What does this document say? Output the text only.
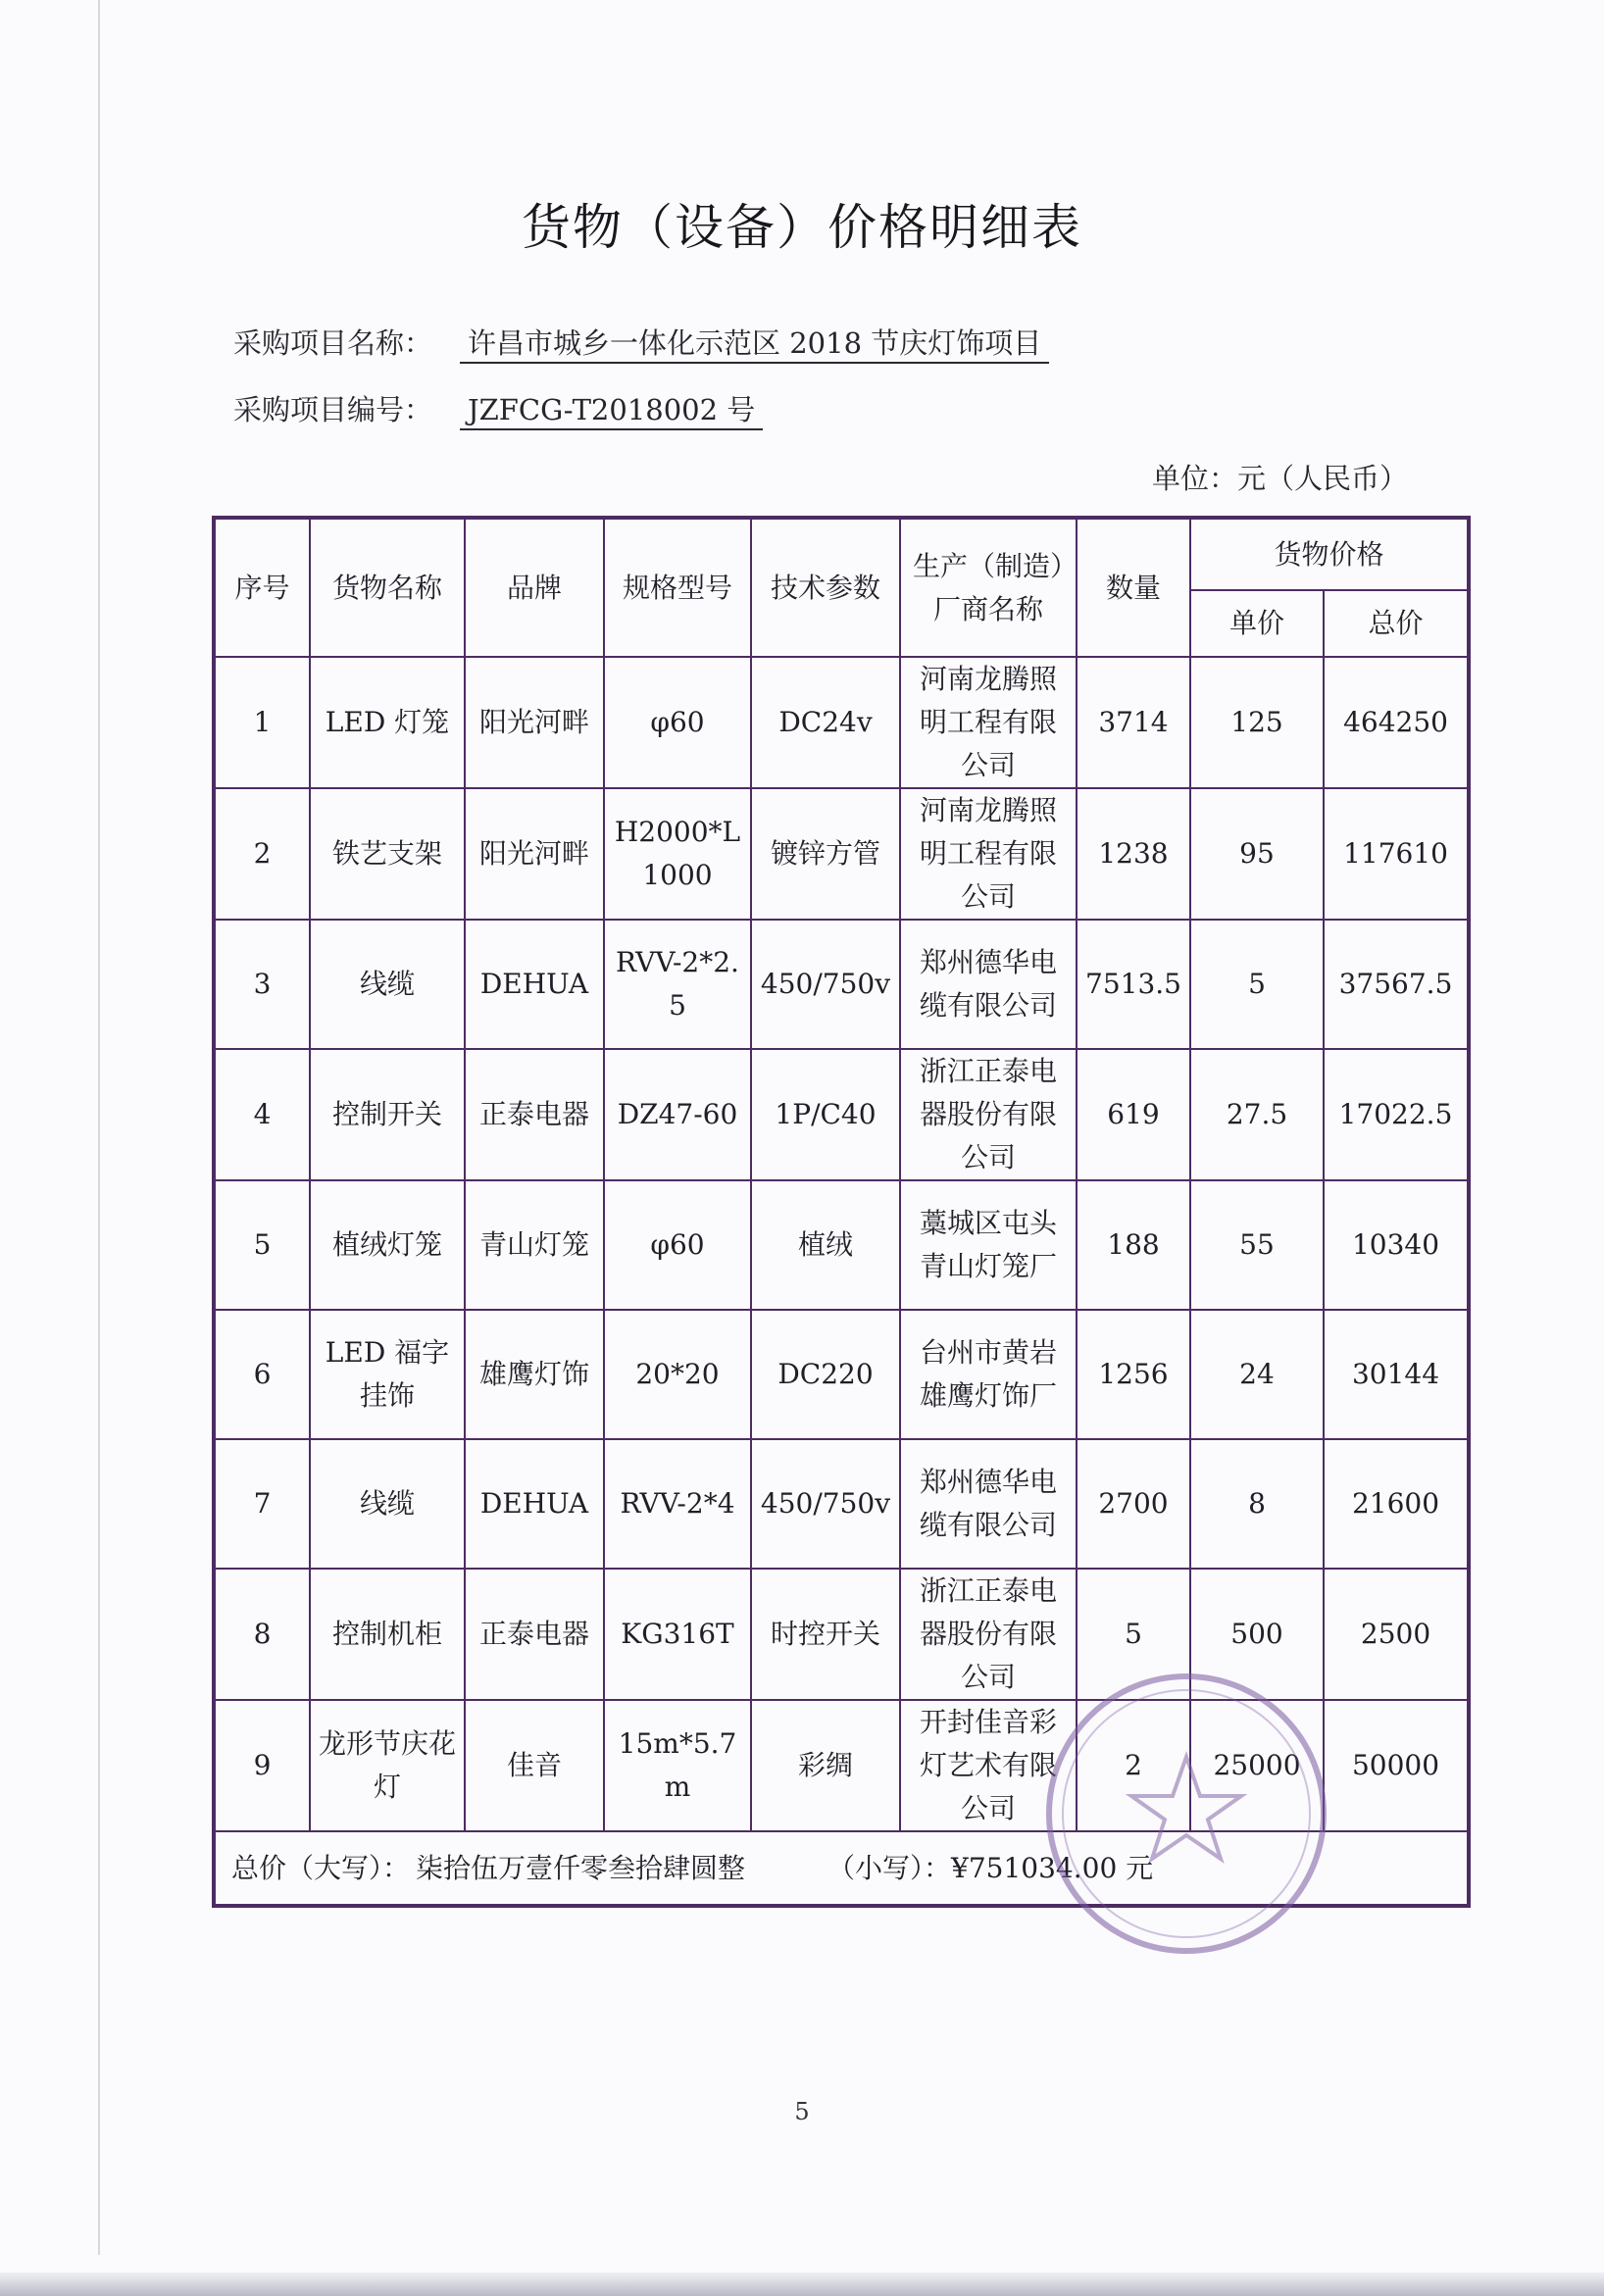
货物（设备）价格明细表
采购项目名称： 许昌市城乡一体化示范区 2018 节庆灯饰项目
采购项目编号： JZFCG-T2018002 号
单位：元（人民币）
序号	货物名称	品牌	规格型号	技术参数	生产（制造）厂商名称	数量	货物价格	
							单价	总价
1	LED 灯笼	阳光河畔	φ60	DC24v	河南龙腾照明工程有限公司	3714	125	464250
2	铁艺支架	阳光河畔	H2000*L1000	镀锌方管	河南龙腾照明工程有限公司	1238	95	117610
3	线缆	DEHUA	RVV-2*2.5	450/750v	郑州德华电缆有限公司	7513.5	5	37567.5
4	控制开关	正泰电器	DZ47-60	1P/C40	浙江正泰电器股份有限公司	619	27.5	17022.5
5	植绒灯笼	青山灯笼	φ60	植绒	藁城区屯头青山灯笼厂	188	55	10340
6	LED 福字挂饰	雄鹰灯饰	20*20	DC220	台州市黄岩雄鹰灯饰厂	1256	24	30144
7	线缆	DEHUA	RVV-2*4	450/750v	郑州德华电缆有限公司	2700	8	21600
8	控制机柜	正泰电器	KG316T	时控开关	浙江正泰电器股份有限公司	5	500	2500
9	龙形节庆花灯	佳音	15m*5.7m	彩绸	开封佳音彩灯艺术有限公司	2	25000	50000
总价（大写）： 柒拾伍万壹仟零叁拾肆圆整 （小写）：¥751034.00 元								
5
